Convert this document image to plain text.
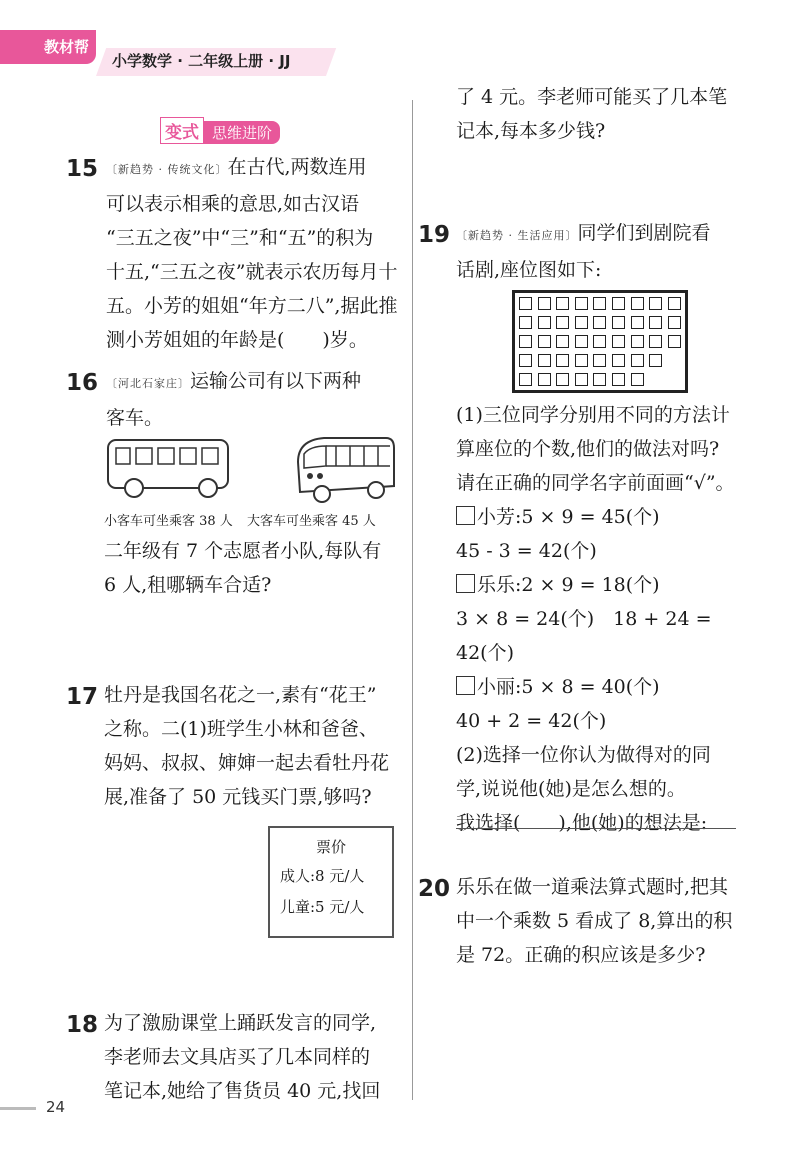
教材帮
小学数学 · 二年级上册 · JJ
变式 思维进阶
15 〔新趋势 · 传统文化〕在古代,两数连用
可以表示相乘的意思,如古汉语
“三五之夜”中“三”和“五”的积为
十五,“三五之夜”就表示农历每月十
五。小芳的姐姐“年方二八”,据此推
测小芳姐姐的年龄是(　　)岁。
16 〔河北石家庄〕运输公司有以下两种
客车。
小客车可坐乘客 38 人 大客车可坐乘客 45 人
二年级有 7 个志愿者小队,每队有
6 人,租哪辆车合适?
17 牡丹是我国名花之一,素有“花王”
之称。二(1)班学生小林和爸爸、
妈妈、叔叔、婶婶一起去看牡丹花
展,准备了 50 元钱买门票,够吗?
票价
成人:8 元/人
儿童:5 元/人
18 为了激励课堂上踊跃发言的同学,
李老师去文具店买了几本同样的
笔记本,她给了售货员 40 元,找回
了 4 元。李老师可能买了几本笔
记本,每本多少钱?
19 〔新趋势 · 生活应用〕同学们到剧院看
话剧,座位图如下:
(1)三位同学分别用不同的方法计
算座位的个数,他们的做法对吗?
请在正确的同学名字前面画“√”。
小芳:5 × 9 = 45(个)
45 - 3 = 42(个)
乐乐:2 × 9 = 18(个)
3 × 8 = 24(个)　18 + 24 = 42(个)
小丽:5 × 8 = 40(个)
40 + 2 = 42(个)
(2)选择一位你认为做得对的同
学,说说他(她)是怎么想的。
我选择(　　),他(她)的想法是:
20 乐乐在做一道乘法算式题时,把其
中一个乘数 5 看成了 8,算出的积
是 72。正确的积应该是多少?
24
